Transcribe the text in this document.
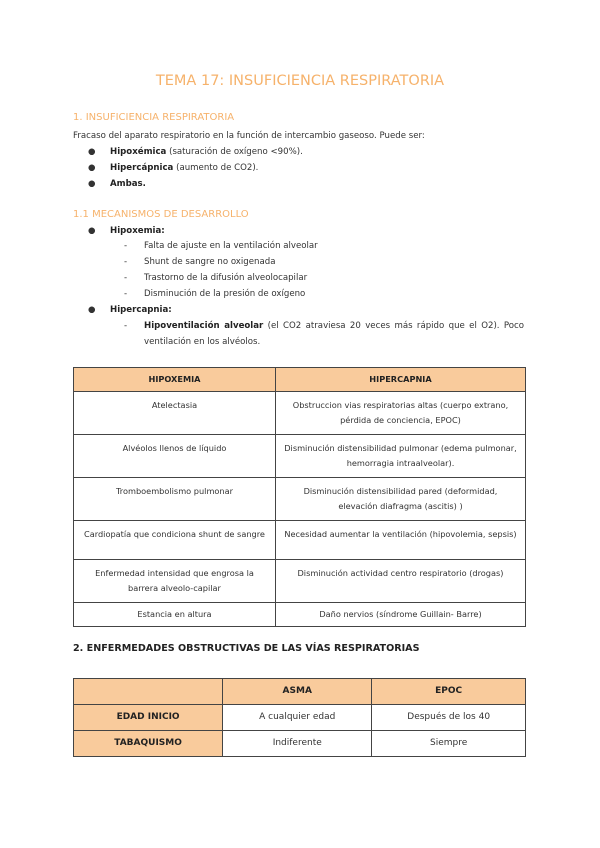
TEMA 17: INSUFICIENCIA RESPIRATORIA
1. INSUFICIENCIA RESPIRATORIA
Fracaso del aparato respiratorio en la función de intercambio gaseoso. Puede ser:
● Hipoxémica (saturación de oxígeno <90%).
● Hipercápnica (aumento de CO2).
● Ambas.
1.1 MECANISMOS DE DESARROLLO
● Hipoxemia:
- Falta de ajuste en la ventilación alveolar
- Shunt de sangre no oxigenada
- Trastorno de la difusión alveolocapilar
- Disminución de la presión de oxígeno
● Hipercapnia:
-	Hipoventilación alveolar (el CO2 atraviesa 20 veces más rápido que el O2). Poco ventilación en los alvéolos.
HIPOXEMIA	HIPERCAPNIA
Atelectasia	Obstruccion vias respiratorias altas (cuerpo extrano, pérdida de conciencia, EPOC)
Alvéolos llenos de líquido	Disminución distensibilidad pulmonar (edema pulmonar, hemorragia intraalveolar).
Tromboembolismo pulmonar	Disminución distensibilidad pared (deformidad, elevación diafragma (ascitis) )
Cardiopatía que condiciona shunt de sangre	Necesidad aumentar la ventilación (hipovolemia, sepsis)
Enfermedad intensidad que engrosa la barrera alveolo-capilar	Disminución actividad centro respiratorio (drogas)
Estancia en altura	Daño nervios (síndrome Guillain- Barre)
2. ENFERMEDADES OBSTRUCTIVAS DE LAS VÍAS RESPIRATORIAS
	ASMA	EPOC
EDAD INICIO	A cualquier edad	Después de los 40
TABAQUISMO	Indiferente	Siempre
